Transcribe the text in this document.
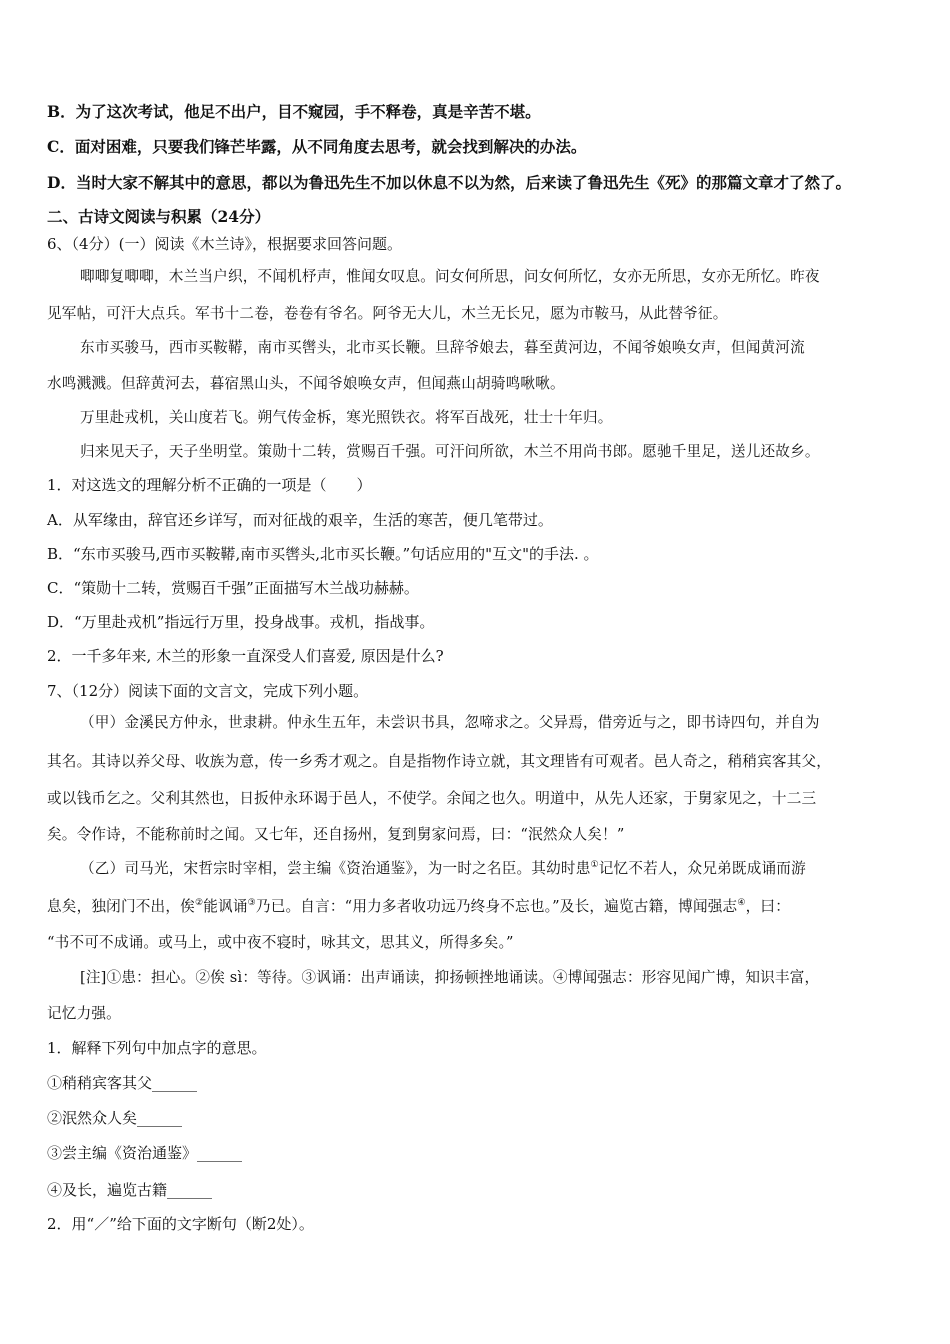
B．为了这次考试，他足不出户，目不窥园，手不释卷，真是辛苦不堪。
C．面对困难，只要我们锋芒毕露，从不同角度去思考，就会找到解决的办法。
D．当时大家不解其中的意思，都以为鲁迅先生不加以休息不以为然，后来读了鲁迅先生《死》的那篇文章才了然了。
二、古诗文阅读与积累（24分）
6、（4分）(一）阅读《木兰诗》，根据要求回答问题。
唧唧复唧唧，木兰当户织，不闻机杼声，惟闻女叹息。问女何所思，问女何所忆，女亦无所思，女亦无所忆。昨夜
见军帖，可汗大点兵。军书十二卷，卷卷有爷名。阿爷无大儿，木兰无长兄，愿为市鞍马，从此替爷征。
东市买骏马，西市买鞍鞯，南市买辔头，北市买长鞭。旦辞爷娘去，暮至黄河边，不闻爷娘唤女声，但闻黄河流
水鸣溅溅。但辞黄河去，暮宿黑山头，不闻爷娘唤女声，但闻燕山胡骑鸣啾啾。
万里赴戎机，关山度若飞。朔气传金柝，寒光照铁衣。将军百战死，壮士十年归。
归来见天子，天子坐明堂。策勋十二转，赏赐百千强。可汗问所欲，木兰不用尚书郎。愿驰千里足，送儿还故乡。
1．对这选文的理解分析不正确的一项是（　　）
A．从军缘由，辞官还乡详写，而对征战的艰辛，生活的寒苦，便几笔带过。
B．“东市买骏马,西市买鞍鞯,南市买辔头,北市买长鞭。”句话应用的"互文"的手法. 。
C．“策勋十二转，赏赐百千强”正面描写木兰战功赫赫。
D．“万里赴戎机”指远行万里，投身战事。戎机，指战事。
2．一千多年来, 木兰的形象一直深受人们喜爱, 原因是什么?
7、（12分）阅读下面的文言文，完成下列小题。
（甲）金溪民方仲永，世隶耕。仲永生五年，未尝识书具，忽啼求之。父异焉，借旁近与之，即书诗四句，并自为
其名。其诗以养父母、收族为意，传一乡秀才观之。自是指物作诗立就，其文理皆有可观者。邑人奇之，稍稍宾客其父，
或以钱币乞之。父利其然也，日扳仲永环谒于邑人，不使学。余闻之也久。明道中，从先人还家，于舅家见之，十二三
矣。令作诗，不能称前时之闻。又七年，还自扬州，复到舅家问焉，曰：“泯然众人矣！”
（乙）司马光，宋哲宗时宰相，尝主编《资治通鉴》，为一时之名臣。其幼时患①记忆不若人，众兄弟既成诵而游
息矣，独闭门不出，俟②能讽诵③乃已。自言：“用力多者收功远乃终身不忘也。”及长，遍览古籍，博闻强志④，曰：
“书不可不成诵。或马上，或中夜不寝时，咏其文，思其义，所得多矣。”
[注]①患：担心。②俟 sì：等待。③讽诵：出声诵读，抑扬顿挫地诵读。④博闻强志：形容见闻广博，知识丰富，
记忆力强。
1．解释下列句中加点字的意思。
①稍稍宾客其父______
②泯然众人矣______
③尝主编《资治通鉴》______
④及长，遍览古籍______
2．用“／”给下面的文字断句（断2处）。
